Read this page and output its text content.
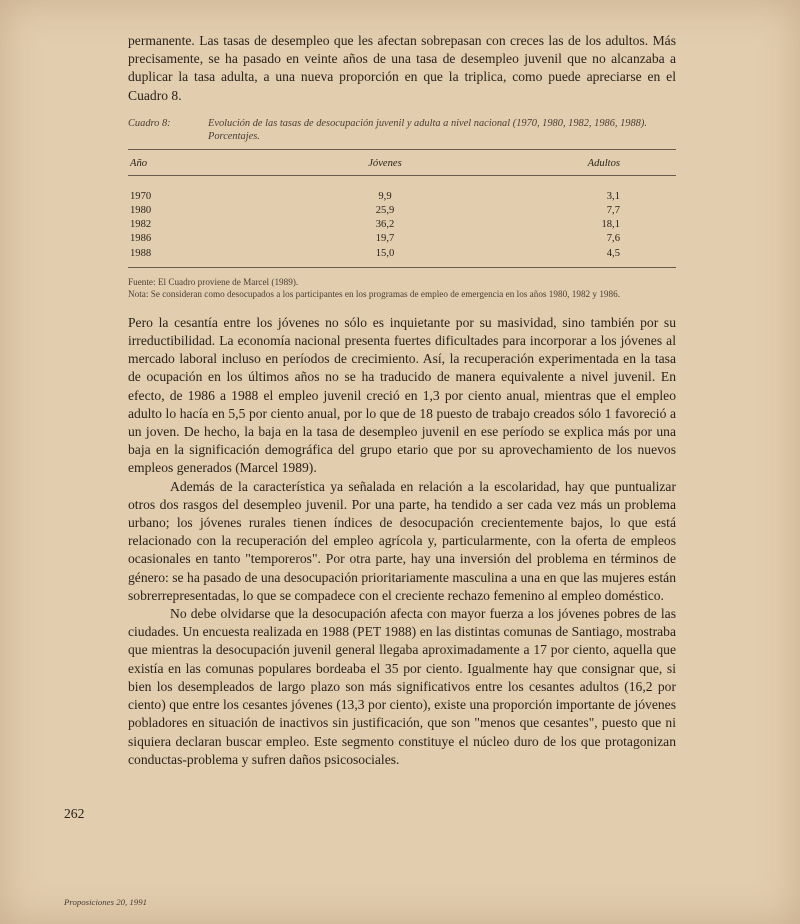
permanente. Las tasas de desempleo que les afectan sobrepasan con creces las de los adultos. Más precisamente, se ha pasado en veinte años de una tasa de desempleo juvenil que no alcanzaba a duplicar la tasa adulta, a una nueva proporción en que la triplica, como puede apreciarse en el Cuadro 8.

Cuadro 8:	Evolución de las tasas de desocupación juvenil y adulta a nivel nacional (1970, 1980, 1982, 1986, 1988). Porcentajes.
Año	Jóvenes	Adultos
1970	9,9	3,1
1980	25,9	7,7
1982	36,2	18,1
1986	19,7	7,6
1988	15,0	4,5
Fuente: El Cuadro proviene de Marcel (1989).
Nota: Se consideran como desocupados a los participantes en los programas de empleo de emergencia en los años 1980, 1982 y 1986.

Pero la cesantía entre los jóvenes no sólo es inquietante por su masividad, sino también por su irreductibilidad. La economía nacional presenta fuertes dificultades para incorporar a los jóvenes al mercado laboral incluso en períodos de crecimiento. Así, la recuperación experimentada en la tasa de ocupación en los últimos años no se ha traducido de manera equivalente a nivel juvenil. En efecto, de 1986 a 1988 el empleo juvenil creció en 1,3 por ciento anual, mientras que el empleo adulto lo hacía en 5,5 por ciento anual, por lo que de 18 puesto de trabajo creados sólo 1 favoreció a un joven. De hecho, la baja en la tasa de desempleo juvenil en ese período se explica más por una baja en la significación demográfica del grupo etario que por su aprovechamiento de los nuevos empleos generados (Marcel 1989).

Además de la característica ya señalada en relación a la escolaridad, hay que puntualizar otros dos rasgos del desempleo juvenil. Por una parte, ha tendido a ser cada vez más un problema urbano; los jóvenes rurales tienen índices de desocupación crecientemente bajos, lo que está relacionado con la recuperación del empleo agrícola y, particularmente, con la oferta de empleos ocasionales en tanto "temporeros". Por otra parte, hay una inversión del problema en términos de género: se ha pasado de una desocupación prioritariamente masculina a una en que las mujeres están sobrerrepresentadas, lo que se compadece con el creciente rechazo femenino al empleo doméstico.

No debe olvidarse que la desocupación afecta con mayor fuerza a los jóvenes pobres de las ciudades. Un encuesta realizada en 1988 (PET 1988) en las distintas comunas de Santiago, mostraba que mientras la desocupación juvenil general llegaba aproximadamente a 17 por ciento, aquella que existía en las comunas populares bordeaba el 35 por ciento. Igualmente hay que consignar que, si bien los desempleados de largo plazo son más significativos entre los cesantes adultos (16,2 por ciento) que entre los cesantes jóvenes (13,3 por ciento), existe una proporción importante de jóvenes pobladores en situación de inactivos sin justificación, que son "menos que cesantes", puesto que ni siquiera declaran buscar empleo. Este segmento constituye el núcleo duro de los que protagonizan conductas-problema y sufren daños psicosociales.

262
Proposiciones 20, 1991
